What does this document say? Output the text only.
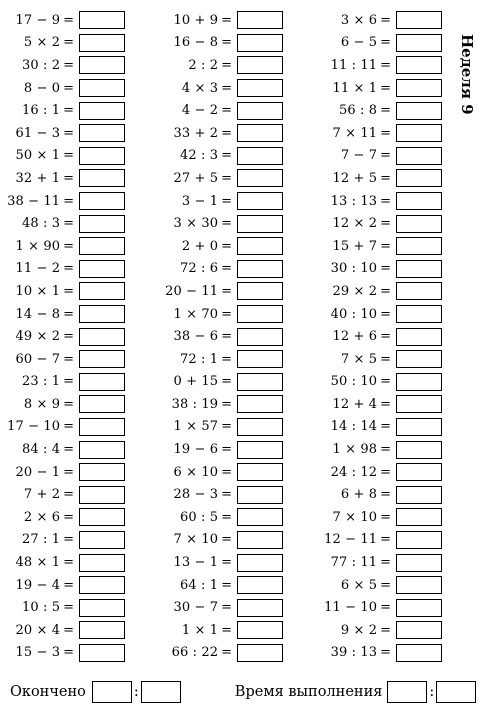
17 − 9 =
5 × 2 =
30 : 2 =
8 − 0 =
16 : 1 =
61 − 3 =
50 × 1 =
32 + 1 =
38 − 11 =
48 : 3 =
1 × 90 =
11 − 2 =
10 × 1 =
14 − 8 =
49 × 2 =
60 − 7 =
23 : 1 =
8 × 9 =
17 − 10 =
84 : 4 =
20 − 1 =
7 + 2 =
2 × 6 =
27 : 1 =
48 × 1 =
19 − 4 =
10 : 5 =
20 × 4 =
15 − 3 =
10 + 9 =
16 − 8 =
2 : 2 =
4 × 3 =
4 − 2 =
33 + 2 =
42 : 3 =
27 + 5 =
3 − 1 =
3 × 30 =
2 + 0 =
72 : 6 =
20 − 11 =
1 × 70 =
38 − 6 =
72 : 1 =
0 + 15 =
38 : 19 =
1 × 57 =
19 − 6 =
6 × 10 =
28 − 3 =
60 : 5 =
7 × 10 =
13 − 1 =
64 : 1 =
30 − 7 =
1 × 1 =
66 : 22 =
3 × 6 =
6 − 5 =
11 : 11 =
11 × 1 =
56 : 8 =
7 × 11 =
7 − 7 =
12 + 5 =
13 : 13 =
12 × 2 =
15 + 7 =
30 : 10 =
29 × 2 =
40 : 10 =
12 + 6 =
7 × 5 =
50 : 10 =
12 + 4 =
14 : 14 =
1 × 98 =
24 : 12 =
6 + 8 =
7 × 10 =
12 − 11 =
77 : 11 =
6 × 5 =
11 − 10 =
9 × 2 =
39 : 13 =
Неделя 9
Окончено	:	Время выполнения	:
